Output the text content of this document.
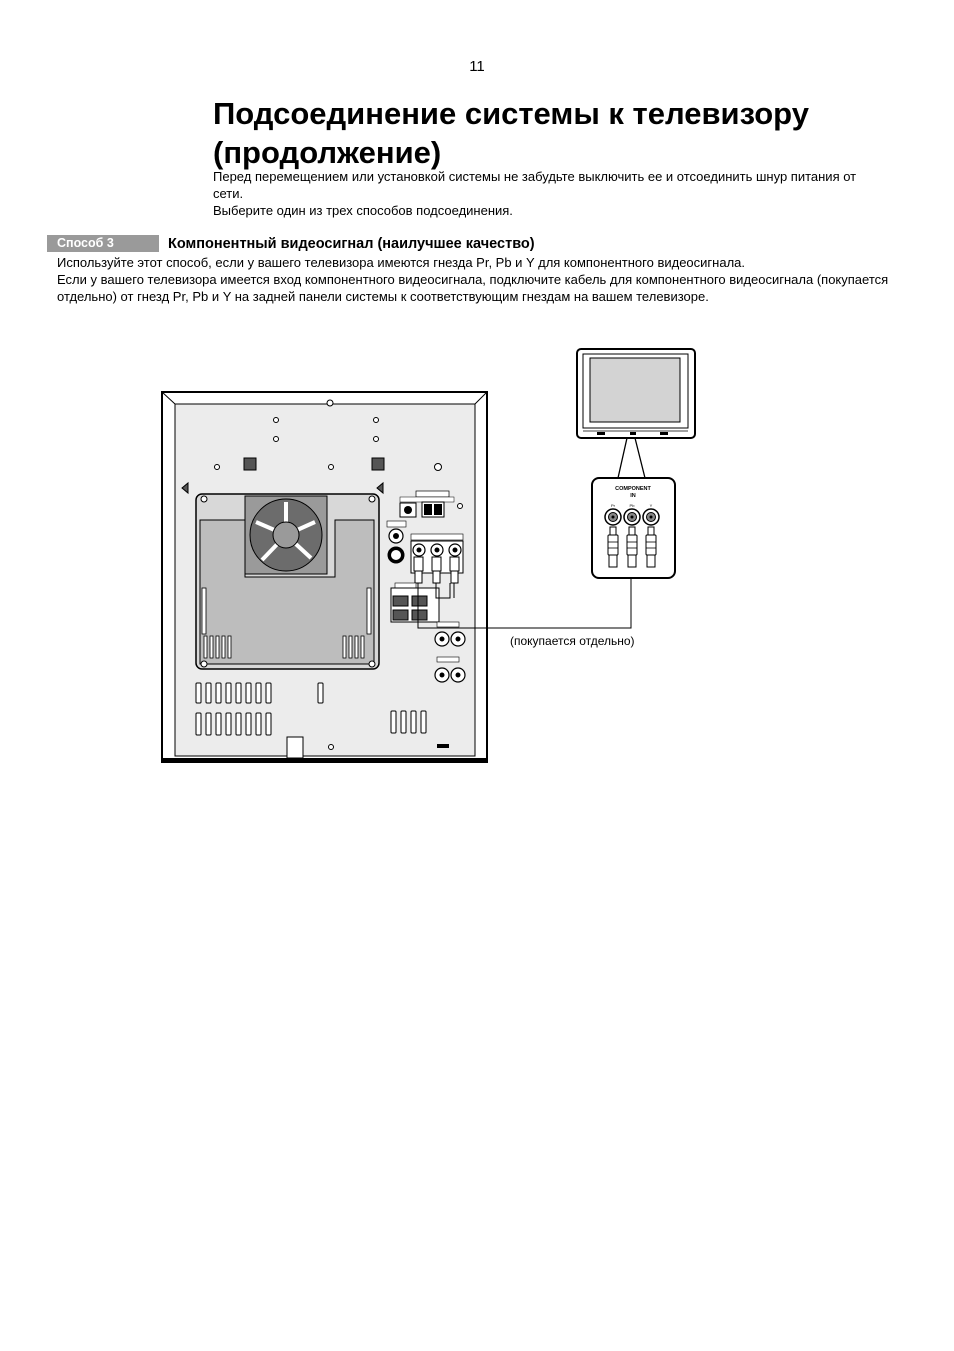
11
Подсоединение системы к телевизору
(продолжение)

Перед перемещением или установкой системы не забудьте выключить ее и отсоединить шнур питания от сети.

Выберите один из трех способов подсоединения.

Способ 3	Компонентный видеосигнал (наилучшее качество)

Используйте этот способ, если у вашего телевизора имеются гнезда Pr, Pb и Y для компонентного видеосигнала.

Если у вашего телевизора имеется вход компонентного видеосигнала, подключите кабель для компонентного видеосигнала (покупается отдельно) от гнезд Pr, Pb и Y на задней панели системы к соответствующим гнездам на вашем телевизоре.

COMPONENT
IN
Pr	Pb	Y
(покупается отдельно)
